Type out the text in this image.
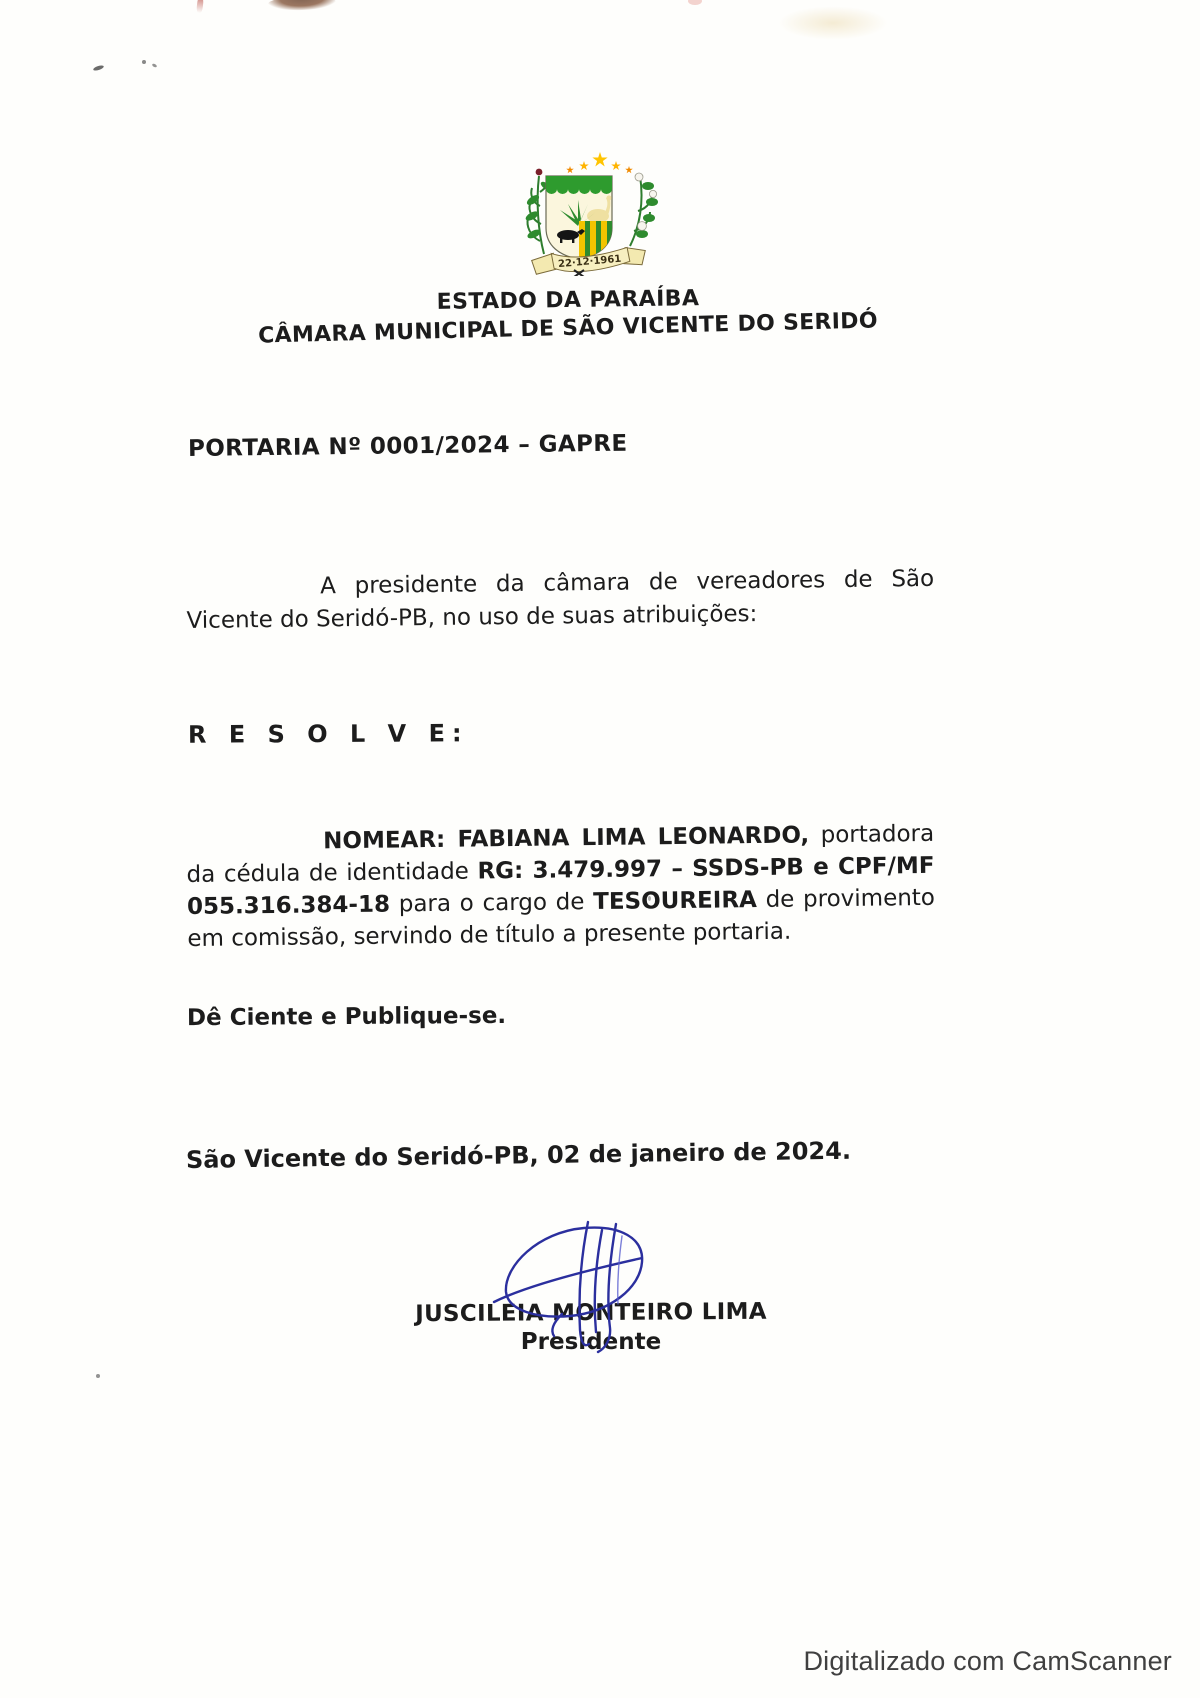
22·12·1961
ESTADO DA PARAÍBA
CÂMARA MUNICIPAL DE SÃO VICENTE DO SERIDÓ
PORTARIA Nº 0001/2024 – GAPRE

A presidente da câmara de vereadores de São Vicente do Seridó-PB, no uso de suas atribuições:

R E S O L V E:

NOMEAR: FABIANA LIMA LEONARDO, portadora da cédula de identidade RG: 3.479.997 – SSDS-PB e CPF/MF 055.316.384-18 para o cargo de TESOUREIRA de provimento em comissão, servindo de título a presente portaria.

Dê Ciente e Publique-se.
São Vicente do Seridó-PB, 02 de janeiro de 2024.
JUSCILEIA MONTEIRO LIMA
Presidente
Digitalizado com CamScanner
